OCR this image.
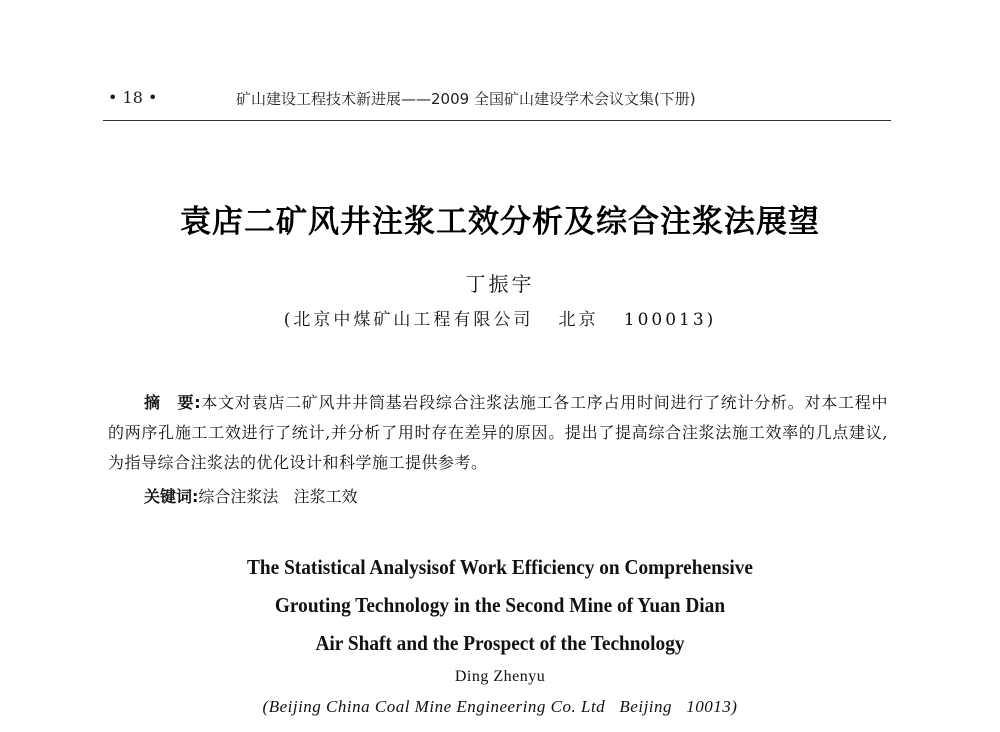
• 18 •	矿山建设工程技术新进展——2009 全国矿山建设学术会议文集(下册)
袁店二矿风井注浆工效分析及综合注浆法展望
丁振宇
(北京中煤矿山工程有限公司   北京   100013)
摘　要:本文对袁店二矿风井井筒基岩段综合注浆法施工各工序占用时间进行了统计分析。对本工程中的两序孔施工工效进行了统计,并分析了用时存在差异的原因。提出了提高综合注浆法施工效率的几点建议,为指导综合注浆法的优化设计和科学施工提供参考。
关键词:综合注浆法   注浆工效
The Statistical Analysisof Work Efficiency on Comprehensive
Grouting Technology in the Second Mine of Yuan Dian
Air Shaft and the Prospect of the Technology
Ding Zhenyu
(Beijing China Coal Mine Engineering Co. Ltd   Beijing   10013)
